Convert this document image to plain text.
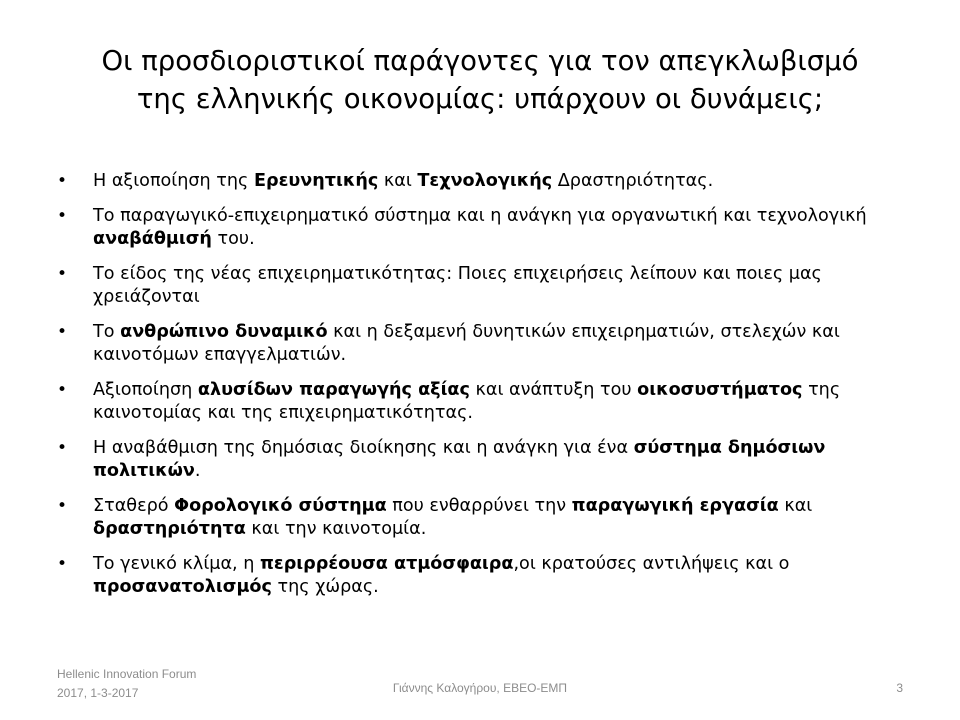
Οι προσδιοριστικοί παράγοντες για τον απεγκλωβισμό
της ελληνικής οικονομίας: υπάρχουν οι δυνάμεις;
• Η αξιοποίηση της Ερευνητικής και Τεχνολογικής Δραστηριότητας.
• Το παραγωγικό-επιχειρηματικό σύστημα και η ανάγκη για οργανωτική και τεχνολογική αναβάθμισή του.
• Το είδος της νέας επιχειρηματικότητας: Ποιες επιχειρήσεις λείπουν και ποιες μας χρειάζονται
• Το ανθρώπινο δυναμικό και η δεξαμενή δυνητικών επιχειρηματιών, στελεχών και καινοτόμων επαγγελματιών.
• Αξιοποίηση αλυσίδων παραγωγής αξίας και ανάπτυξη του οικοσυστήματος της καινοτομίας και της επιχειρηματικότητας.
• Η αναβάθμιση της δημόσιας διοίκησης και η ανάγκη για ένα σύστημα δημόσιων πολιτικών.
• Σταθερό Φορολογικό σύστημα που ενθαρρύνει την παραγωγική εργασία και δραστηριότητα και την καινοτομία.
• Το γενικό κλίμα, η περιρρέουσα ατμόσφαιρα,οι κρατούσες αντιλήψεις και ο προσανατολισμός της χώρας.
Hellenic Innovation Forum
2017, 1-3-2017	Γιάννης Καλογήρου, ΕΒΕΟ-ΕΜΠ	3
